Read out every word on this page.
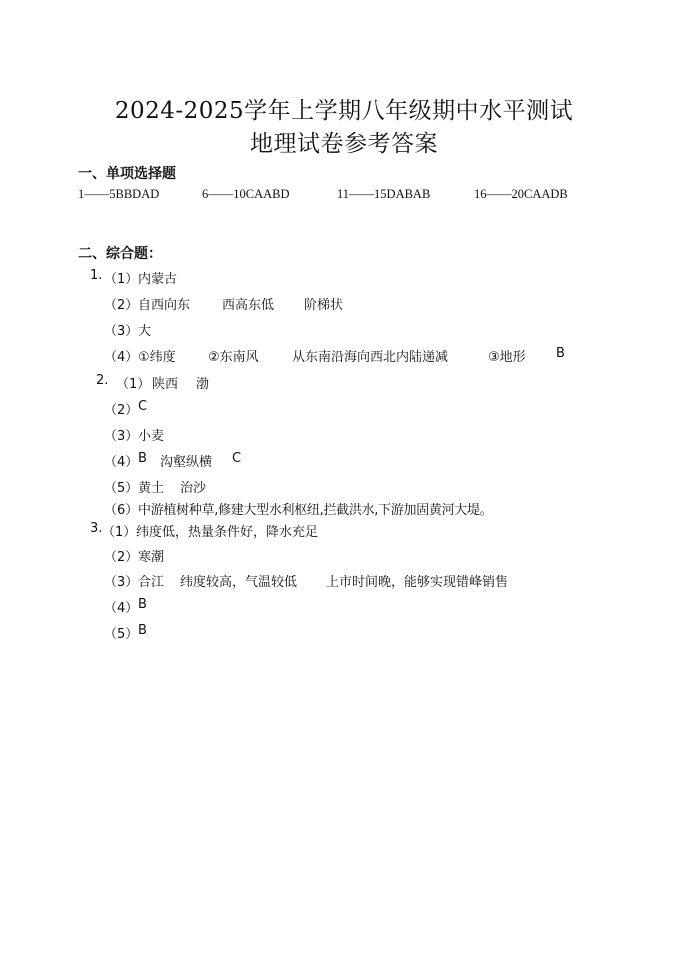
2024-2025学年上学期八年级期中水平测试
地理试卷参考答案
一、单项选择题
1——5BBDAD	6——10CAABD	11——15DABAB	16——20CAADB
二、综合题：
1. （1） 内蒙古
（2） 自西向东 西高东低 阶梯状
（3） 大
（4） ①纬度 ②东南风	从东南沿海向西北内陆递减	③地形 B
2. （1） 陕西 渤
（2） C
（3） 小麦
（4） B 沟壑纵横 C
（5） 黄土 治沙
（6） 中游植树种草,修建大型水利枢纽,拦截洪水,下游加固黄河大堤。
3. （1） 纬度低，热量条件好，降水充足
（2） 寒潮
（3） 合江 纬度较高，气温较低 上市时间晚，能够实现错峰销售
（4） B
（5） B
